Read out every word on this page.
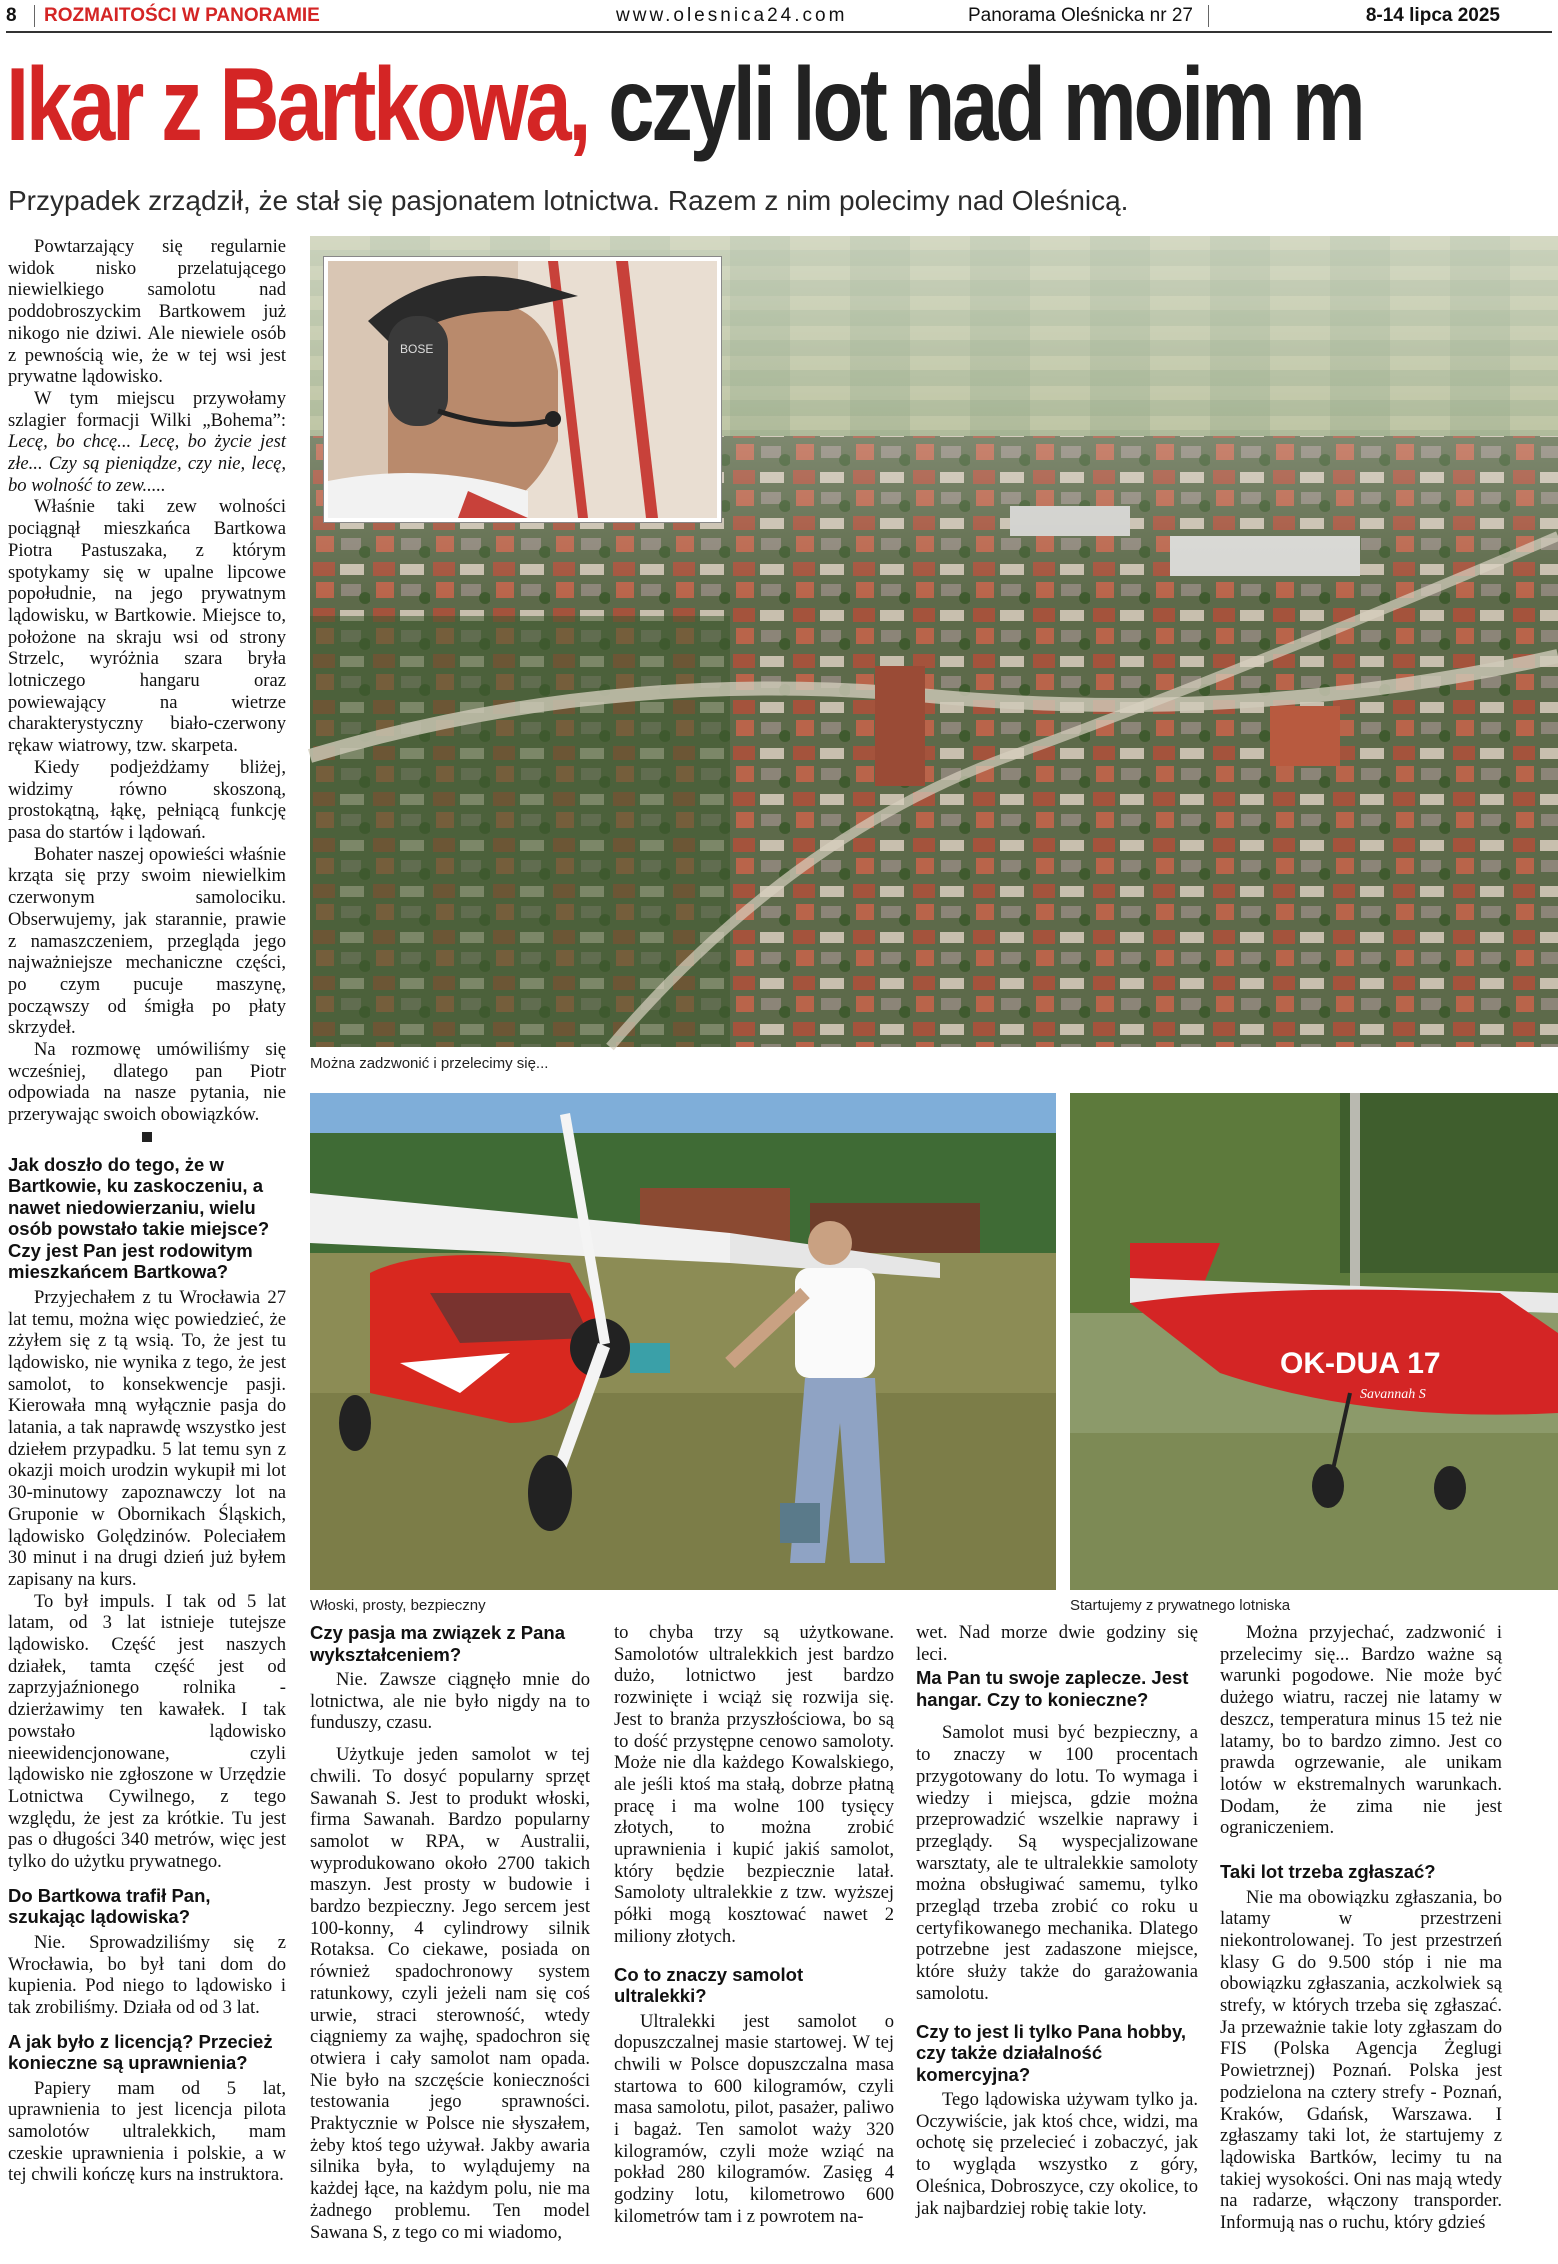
8 ROZMAITOŚCI W PANORAMIE	www.olesnica24.com	Panorama Oleśnicka nr 27	8-14 lipca 2025
Ikar z Bartkowa, czyli lot nad moim m
Przypadek zrządził, że stał się pasjonatem lotnictwa. Razem z nim polecimy nad Oleśnicą.
BOSE
Można zadzwonić i przelecimy się...
Włoski, prosty, bezpieczny
OK-DUA 17
Savannah S
Startujemy z prywatnego lotniska

Powtarzający się regularnie widok nisko przelatującego niewielkiego samolotu nad poddobroszyckim Bartkowem już nikogo nie dziwi. Ale niewiele osób z pewnością wie, że w tej wsi jest prywatne lądowisko.

W tym miejscu przywołamy szlagier formacji Wilki „Bohema”: Lecę, bo chcę... Lecę, bo życie jest złe... Czy są pieniądze, czy nie, lecę, bo wolność to zew.....

Właśnie taki zew wolności pociągnął mieszkańca Bartkowa Piotra Pastuszaka, z którym spotykamy się w upalne lipcowe popołudnie, na jego prywatnym lądowisku, w Bartkowie. Miejsce to, położone na skraju wsi od strony Strzelc, wyróżnia szara bryła lotniczego hangaru oraz powiewający na wietrze charakterystyczny biało-czerwony rękaw wiatrowy, tzw. skarpeta.

Kiedy podjeżdżamy bliżej, widzimy równo skoszoną, prostokątną, łąkę, pełniącą funkcję pasa do startów i lądowań.

Bohater naszej opowieści właśnie krząta się przy swoim niewielkim czerwonym samolociku. Obserwujemy, jak starannie, prawie z namaszczeniem, przegląda jego najważniejsze mechaniczne części, po czym pucuje maszynę, począwszy od śmigła po płaty skrzydeł.

Na rozmowę umówiliśmy się wcześniej, dlatego pan Piotr odpowiada na nasze pytania, nie przerywając swoich obowiązków.

Jak doszło do tego, że w Bartkowie, ku zaskoczeniu, a nawet niedowierzaniu, wielu osób powstało takie miejsce? Czy jest Pan jest rodowitym mieszkańcem Bartkowa?

Przyjechałem z tu Wrocławia 27 lat temu, można więc powiedzieć, że zżyłem się z tą wsią. To, że jest tu lądowisko, nie wynika z tego, że jest samolot, to konsekwencje pasji. Kierowała mną wyłącznie pasja do latania, a tak naprawdę wszystko jest dziełem przypadku. 5 lat temu syn z okazji moich urodzin wykupił mi lot 30-minutowy zapoznawczy lot na Gruponie w Obornikach Śląskich, lądowisko Golędzinów. Poleciałem 30 minut i na drugi dzień już byłem zapisany na kurs.

To był impuls. I tak od 5 lat latam, od 3 lat istnieje tutejsze lądowisko. Część jest naszych działek, tamta część jest od zaprzyjaźnionego rolnika - dzierżawimy ten kawałek. I tak powstało lądowisko nieewidencjonowane, czyli lądowisko nie zgłoszone w Urzędzie Lotnictwa Cywilnego, z tego względu, że jest za krótkie. Tu jest pas o długości 340 metrów, więc jest tylko do użytku prywatnego.

Do Bartkowa trafił Pan, szukając lądowiska?

Nie. Sprowadziliśmy się z Wrocławia, bo był tani dom do kupienia. Pod niego to lądowisko i tak zrobiliśmy. Działa od od 3 lat.

A jak było z licencją? Przecież konieczne są uprawnienia?

Papiery mam od 5 lat, uprawnienia to jest licencja pilota samolotów ultralekkich, mam czeskie uprawnienia i polskie, a w tej chwili kończę kurs na instruktora.

Czy pasja ma związek z Pana wykształceniem?

Nie. Zawsze ciągnęło mnie do lotnictwa, ale nie było nigdy na to funduszy, czasu.

Użytkuje jeden samolot w tej chwili. To dosyć popularny sprzęt Sawanah S. Jest to produkt włoski, firma Sawanah. Bardzo popularny samolot w RPA, w Australii, wyprodukowano około 2700 takich maszyn. Jest prosty w budowie i bardzo bezpieczny. Jego sercem jest 100-konny, 4 cylindrowy silnik Rotaksa. Co ciekawe, posiada on również spadochronowy system ratunkowy, czyli jeżeli nam się coś urwie, straci sterowność, wtedy ciągniemy za wajhę, spadochron się otwiera i cały samolot nam opada. Nie było na szczęście konieczności testowania jego sprawności. Praktycznie w Polsce nie słyszałem, żeby ktoś tego używał. Jakby awaria silnika była, to wylądujemy na każdej łące, na każdym polu, nie ma żadnego problemu. Ten model Sawana S, z tego co mi wiadomo,

to chyba trzy są użytkowane. Samolotów ultralekkich jest bardzo dużo, lotnictwo jest bardzo rozwinięte i wciąż się rozwija się. Jest to branża przyszłościowa, bo są to dość przystępne cenowo samoloty. Może nie dla każdego Kowalskiego, ale jeśli ktoś ma stałą, dobrze płatną pracę i ma wolne 100 tysięcy złotych, to można zrobić uprawnienia i kupić jakiś samolot, który będzie bezpiecznie latał. Samoloty ultralekkie z tzw. wyższej półki mogą kosztować nawet 2 miliony złotych.

Co to znaczy samolot ultralekki?

Ultralekki jest samolot o dopuszczalnej masie startowej. W tej chwili w Polsce dopuszczalna masa startowa to 600 kilogramów, czyli masa samolotu, pilot, pasażer, paliwo i bagaż. Ten samolot waży 320 kilogramów, czyli może wziąć na pokład 280 kilogramów. Zasięg 4 godziny lotu, kilometrowo 600 kilometrów tam i z powrotem na-

wet. Nad morze dwie godziny się leci.

Ma Pan tu swoje zaplecze. Jest hangar. Czy to konieczne?

Samolot musi być bezpieczny, a to znaczy w 100 procentach przygotowany do lotu. To wymaga i wiedzy i miejsca, gdzie można przeprowadzić wszelkie naprawy i przeglądy. Są wyspecjalizowane warsztaty, ale te ultralekkie samoloty można obsługiwać samemu, tylko przegląd trzeba zrobić co roku u certyfikowanego mechanika. Dlatego potrzebne jest zadaszone miejsce, które służy także do garażowania samolotu.

Czy to jest li tylko Pana hobby, czy także działalność komercyjna?

Tego lądowiska używam tylko ja. Oczywiście, jak ktoś chce, widzi, ma ochotę się przelecieć i zobaczyć, jak to wygląda wszystko z góry, Oleśnica, Dobroszyce, czy okolice, to jak najbardziej robię takie loty.

Można przyjechać, zadzwonić i przelecimy się... Bardzo ważne są warunki pogodowe. Nie może być dużego wiatru, raczej nie latamy w deszcz, temperatura minus 15 też nie latamy, bo to bardzo zimno. Jest co prawda ogrzewanie, ale unikam lotów w ekstremalnych warunkach. Dodam, że zima nie jest ograniczeniem.

Taki lot trzeba zgłaszać?

Nie ma obowiązku zgłaszania, bo latamy w przestrzeni niekontrolowanej. To jest przestrzeń klasy G do 9.500 stóp i nie ma obowiązku zgłaszania, aczkolwiek są strefy, w których trzeba się zgłaszać. Ja przeważnie takie loty zgłaszam do FIS (Polska Agencja Żeglugi Powietrznej) Poznań. Polska jest podzielona na cztery strefy - Poznań, Kraków, Gdańsk, Warszawa. I zgłaszamy taki lot, że startujemy z lądowiska Bartków, lecimy tu na takiej wysokości. Oni nas mają wtedy na radarze, włączony transporder. Informują nas o ruchu, który gdzieś
